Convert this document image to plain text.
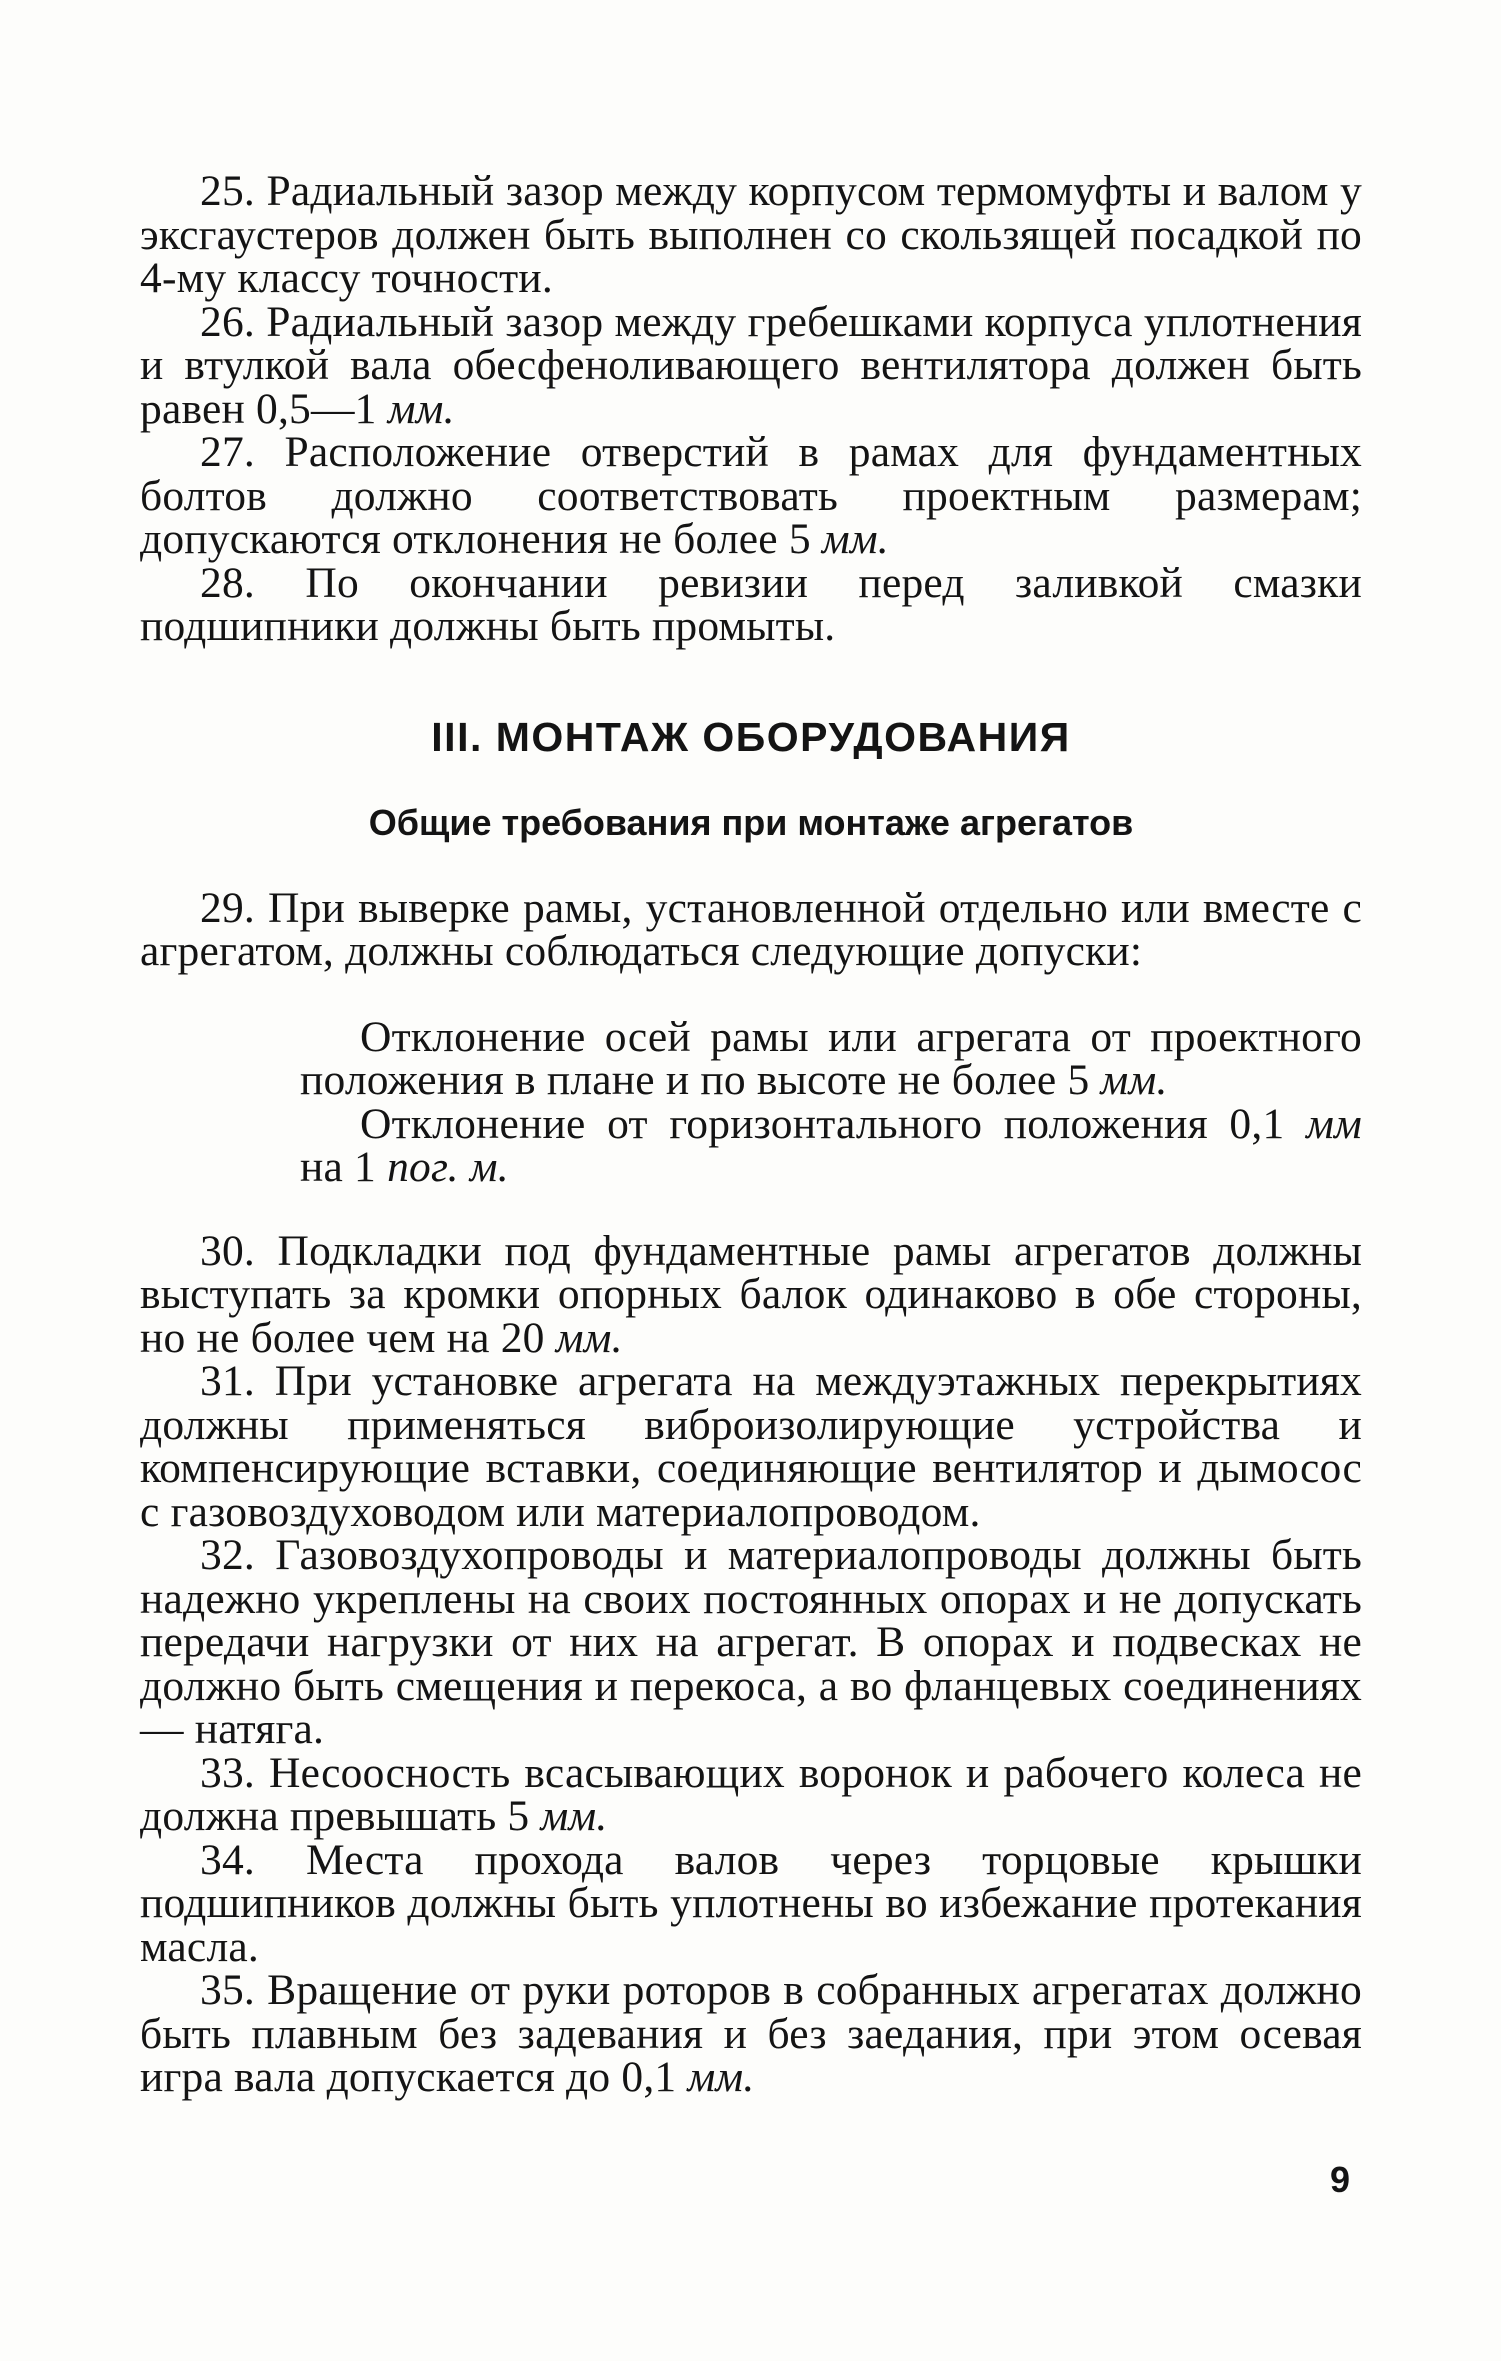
25. Радиальный зазор между корпусом термомуфты и валом у эксгаустеров должен быть выполнен со скользящей посадкой по 4-му классу точности.

26. Радиальный зазор между гребешками корпуса уплотнения и втулкой вала обесфеноливающего вентилятора должен быть равен 0,5—1 мм.

27. Расположение отверстий в рамах для фундаментных болтов должно соответствовать проектным размерам; допускаются отклонения не более 5 мм.

28. По окончании ревизии перед заливкой смазки подшипники должны быть промыты.

III. МОНТАЖ ОБОРУДОВАНИЯ
Общие требования при монтаже агрегатов

29. При выверке рамы, установленной отдельно или вместе с агрегатом, должны соблюдаться следующие допуски:

Отклонение осей рамы или агрегата от проектного положения в плане и по высоте не более 5 мм.

Отклонение от горизонтального положения 0,1 мм на 1 пог. м.

30. Подкладки под фундаментные рамы агрегатов должны выступать за кромки опорных балок одинаково в обе стороны, но не более чем на 20 мм.

31. При установке агрегата на междуэтажных перекрытиях должны применяться виброизолирующие устройства и компенсирующие вставки, соединяющие вентилятор и дымосос с газовоздуховодом или материалопроводом.

32. Газовоздухопроводы и материалопроводы должны быть надежно укреплены на своих постоянных опорах и не допускать передачи нагрузки от них на агрегат. В опорах и подвесках не должно быть смещения и перекоса, а во фланцевых соединениях — натяга.

33. Несоосность всасывающих воронок и рабочего колеса не должна превышать 5 мм.

34. Места прохода валов через торцовые крышки подшипников должны быть уплотнены во избежание протекания масла.

35. Вращение от руки роторов в собранных агрегатах должно быть плавным без задевания и без заедания, при этом осевая игра вала допускается до 0,1 мм.

9
